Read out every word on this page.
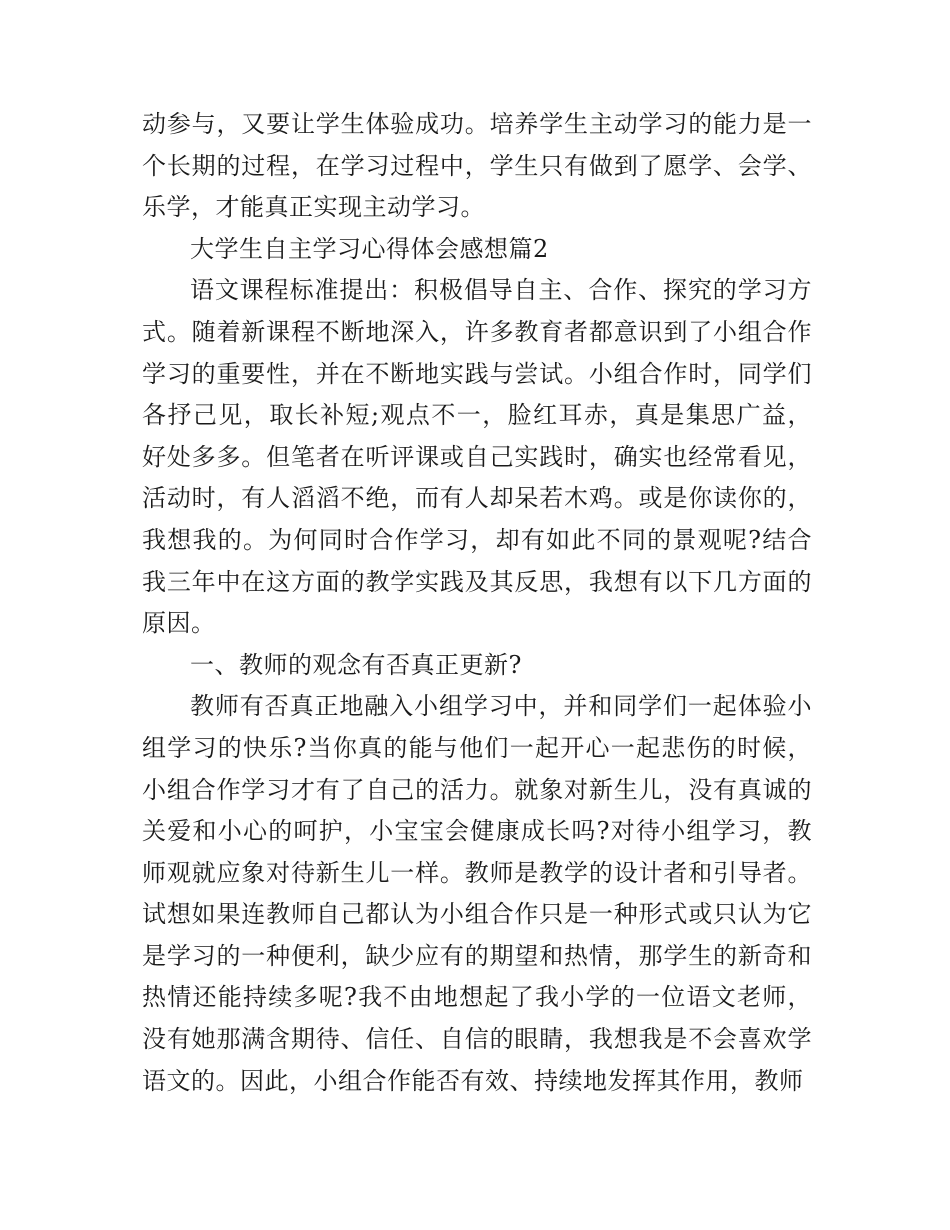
动参与，又要让学生体验成功。培养学生主动学习的能力是一个长期的过程，在学习过程中，学生只有做到了愿学、会学、乐学，才能真正实现主动学习。

大学生自主学习心得体会感想篇2

语文课程标准提出：积极倡导自主、合作、探究的学习方式。随着新课程不断地深入，许多教育者都意识到了小组合作学习的重要性，并在不断地实践与尝试。小组合作时，同学们各抒己见，取长补短;观点不一，脸红耳赤，真是集思广益，好处多多。但笔者在听评课或自己实践时，确实也经常看见，活动时，有人滔滔不绝，而有人却呆若木鸡。或是你读你的，我想我的。为何同时合作学习，却有如此不同的景观呢?结合我三年中在这方面的教学实践及其反思，我想有以下几方面的原因。

一、教师的观念有否真正更新?

教师有否真正地融入小组学习中，并和同学们一起体验小组学习的快乐?当你真的能与他们一起开心一起悲伤的时候，小组合作学习才有了自己的活力。就象对新生儿，没有真诚的关爱和小心的呵护，小宝宝会健康成长吗?对待小组学习，教师观就应象对待新生儿一样。教师是教学的设计者和引导者。试想如果连教师自己都认为小组合作只是一种形式或只认为它是学习的一种便利，缺少应有的期望和热情，那学生的新奇和热情还能持续多呢?我不由地想起了我小学的一位语文老师，没有她那满含期待、信任、自信的眼睛，我想我是不会喜欢学语文的。因此，小组合作能否有效、持续地发挥其作用，教师
